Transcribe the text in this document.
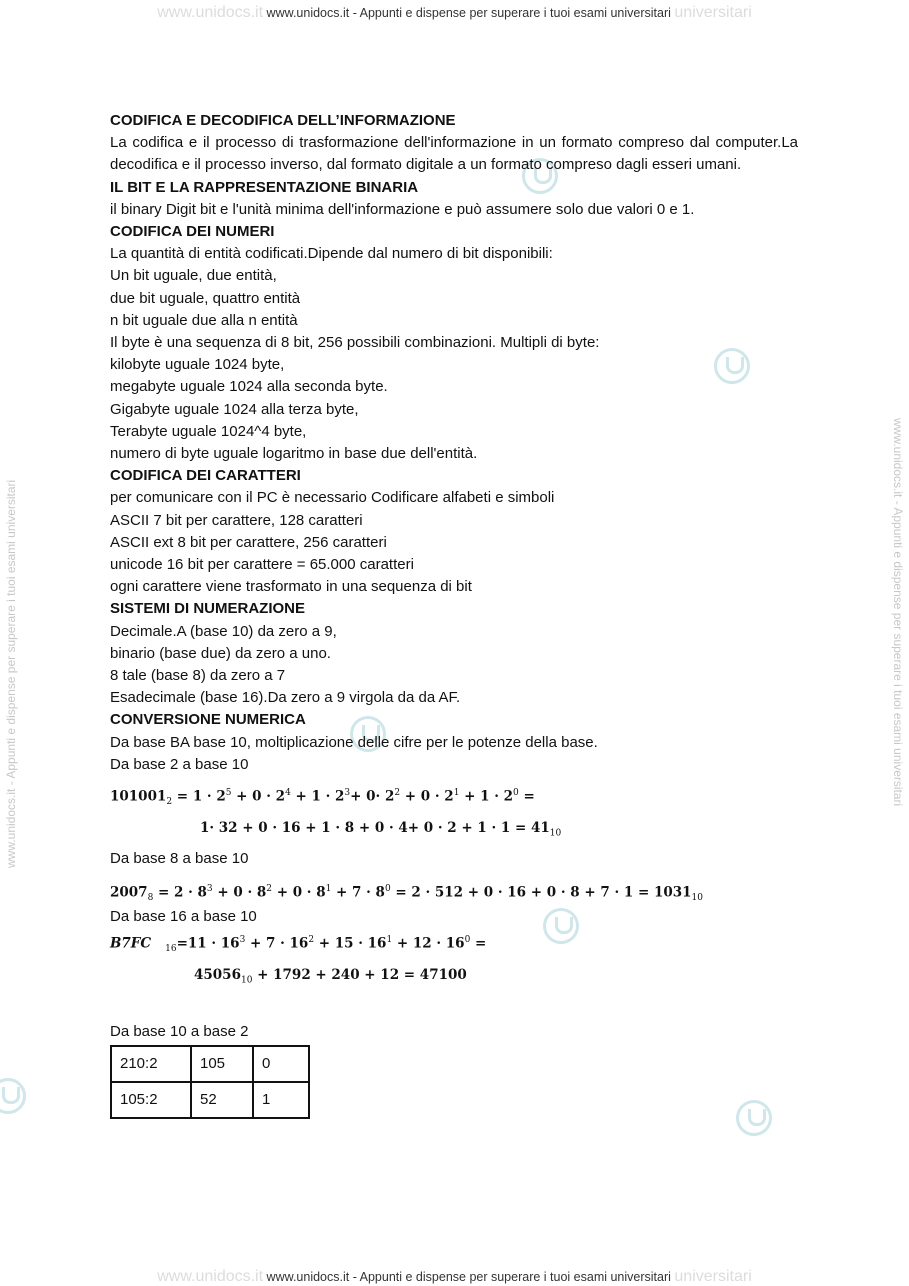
www.unidocs.it www.unidocs.it - Appunti e dispense per superare i tuoi esami universitari universitari
www.unidocs.it www.unidocs.it - Appunti e dispense per superare i tuoi esami universitari universitari
www.unidocs.it - Appunti e dispense per superare i tuoi esami universitari	www.unidocs.it - Appunti e dispense per superare i tuoi esami universitari
CODIFICA E DECODIFICA DELL’INFORMAZIONE
La codifica e il processo di trasformazione dell'informazione in un formato compreso dal computer.La decodifica e il processo inverso, dal formato digitale a un formato compreso dagli esseri umani.
IL BIT E LA RAPPRESENTAZIONE BINARIA
il binary Digit bit e l'unità minima dell'informazione e può assumere solo due valori 0 e 1.
CODIFICA DEI NUMERI
La quantità di entità codificati.Dipende dal numero di bit disponibili:
Un bit uguale, due entità,
due bit uguale, quattro entità
n bit uguale due alla n entità
Il byte è una sequenza di 8 bit, 256 possibili combinazioni. Multipli di byte:
kilobyte uguale 1024 byte,
megabyte uguale 1024 alla seconda byte.
Gigabyte uguale 1024 alla terza byte,
Terabyte uguale 1024^4 byte,
numero di byte uguale logaritmo in base due dell'entità.
CODIFICA DEI CARATTERI
per comunicare con il PC è necessario Codificare alfabeti e simboli
ASCII 7 bit per carattere, 128 caratteri
ASCII ext 8 bit per carattere, 256 caratteri
unicode 16 bit per carattere = 65.000 caratteri
ogni carattere viene trasformato in una sequenza di bit
SISTEMI DI NUMERAZIONE
Decimale.A (base 10) da zero a 9,
binario (base due) da zero a uno.
8 tale (base 8) da zero a 7
Esadecimale (base 16).Da zero a 9 virgola da da AF.
CONVERSIONE NUMERICA
Da base BA base 10, moltiplicazione delle cifre per le potenze della base.
Da base 2 a base 10
$101001_2 = 1 \cdot 2^5 + 0 \cdot 2^4 + 1 \cdot 2^3+ 0\cdot 2^2 + 0 \cdot 2^1 + 1 \cdot 2^0$ =
$1\cdot 32 + 0 \cdot 16 + 1 \cdot 8 + 0 \cdot 4+ 0 \cdot 2 + 1 \cdot 1 = 41_{10}$
Da base 8 a base 10
$2007_8 = 2 \cdot 8^3 + 0 \cdot 8^2 + 0 \cdot 8^1 + 7 \cdot 8^0 = 2 \cdot 512 + 0 \cdot 16 + 0 \cdot 8 + 7 \cdot 1 = 1031_{10}$
Da base 16 a base 10
B7FC $_{16}=11 \cdot 16^3 + 7 \cdot 16^2 + 15 \cdot 16^1 + 12 \cdot 16^0$ =
$45056_{10} + 1792 + 240 + 12 = 47100$
Da base 10 a base 2
210:2	105	0
105:2	52	1
